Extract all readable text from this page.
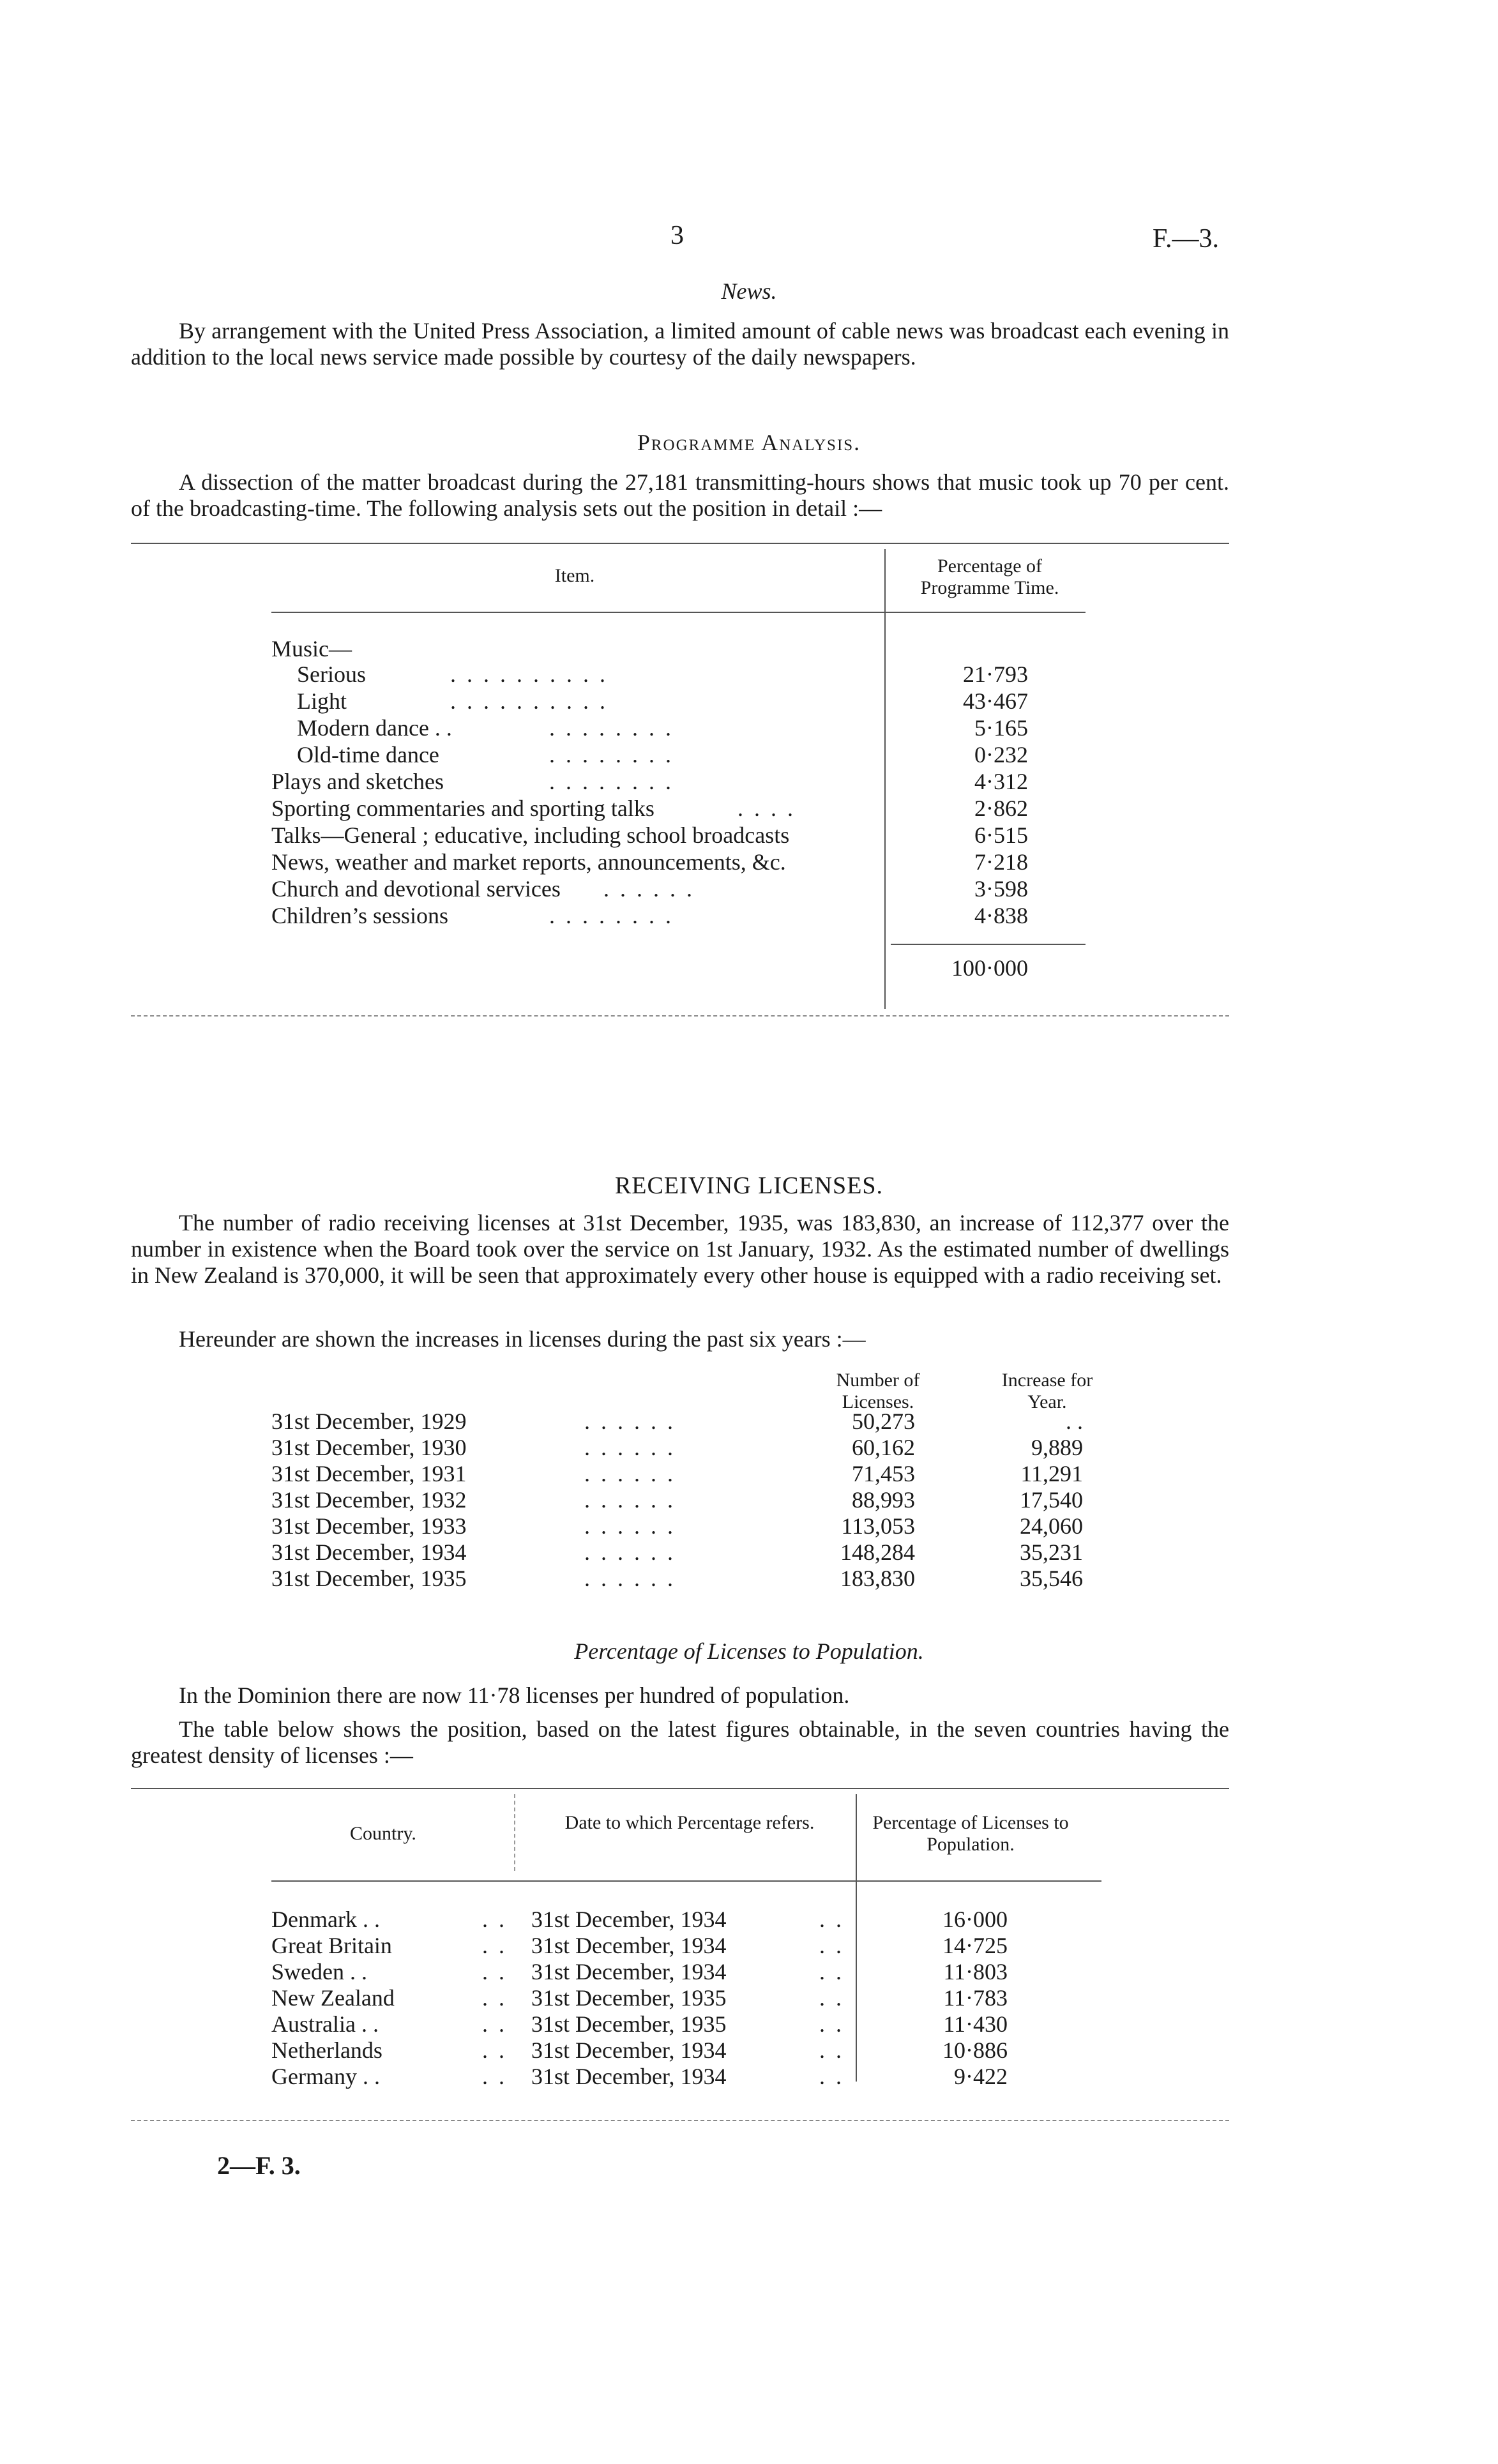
3	F.—3.
News.
By arrangement with the United Press Association, a limited amount of cable news was broadcast each evening in addition to the local news service made possible by courtesy of the daily newspapers.
Programme Analysis.
A dissection of the matter broadcast during the 27,181 transmitting-hours shows that music took up 70 per cent. of the broadcasting-time. The following analysis sets out the position in detail :—
Item.	Percentage of Programme Time.
Music—
Serious	. . . . . . . . . .	21·793
Light	. . . . . . . . . .	43·467
Modern dance . .	. . . . . . . .	5·165
Old-time dance	. . . . . . . .	0·232
Plays and sketches	. . . . . . . .	4·312
Sporting commentaries and sporting talks	. . . .	2·862
Talks—General ; educative, including school broadcasts	6·515
News, weather and market reports, announcements, &c.	7·218
Church and devotional services . . . . . .	3·598
Children’s sessions	. . . . . . . .	4·838
100·000
RECEIVING LICENSES.
The number of radio receiving licenses at 31st December, 1935, was 183,830, an increase of 112,377 over the number in existence when the Board took over the service on 1st January, 1932. As the estimated number of dwellings in New Zealand is 370,000, it will be seen that approximately every other house is equipped with a radio receiving set.
Hereunder are shown the increases in licenses during the past six years :—
Number of Licenses.
Increase for Year.
31st December, 1929	. . . . . .	50,273	. .
31st December, 1930	. . . . . .	60,162	9,889
31st December, 1931	. . . . . .	71,453	11,291
31st December, 1932	. . . . . .	88,993	17,540
31st December, 1933	. . . . . .	113,053	24,060
31st December, 1934	. . . . . .	148,284	35,231
31st December, 1935	. . . . . .	183,830	35,546
Percentage of Licenses to Population.
In the Dominion there are now 11·78 licenses per hundred of population.
The table below shows the position, based on the latest figures obtainable, in the seven countries having the greatest density of licenses :—
Country.
Date to which Percentage refers.	Percentage of Licenses to Population.
Denmark . .	. . 31st December, 1934	. .	16·000
Great Britain	. . 31st December, 1934	. .	14·725
Sweden . .	. . 31st December, 1934	. .	11·803
New Zealand	. . 31st December, 1935	. .	11·783
Australia . .	. . 31st December, 1935	. .	11·430
Netherlands	. . 31st December, 1934	. .	10·886
Germany . .	. . 31st December, 1934	. .	9·422
2—F. 3.
